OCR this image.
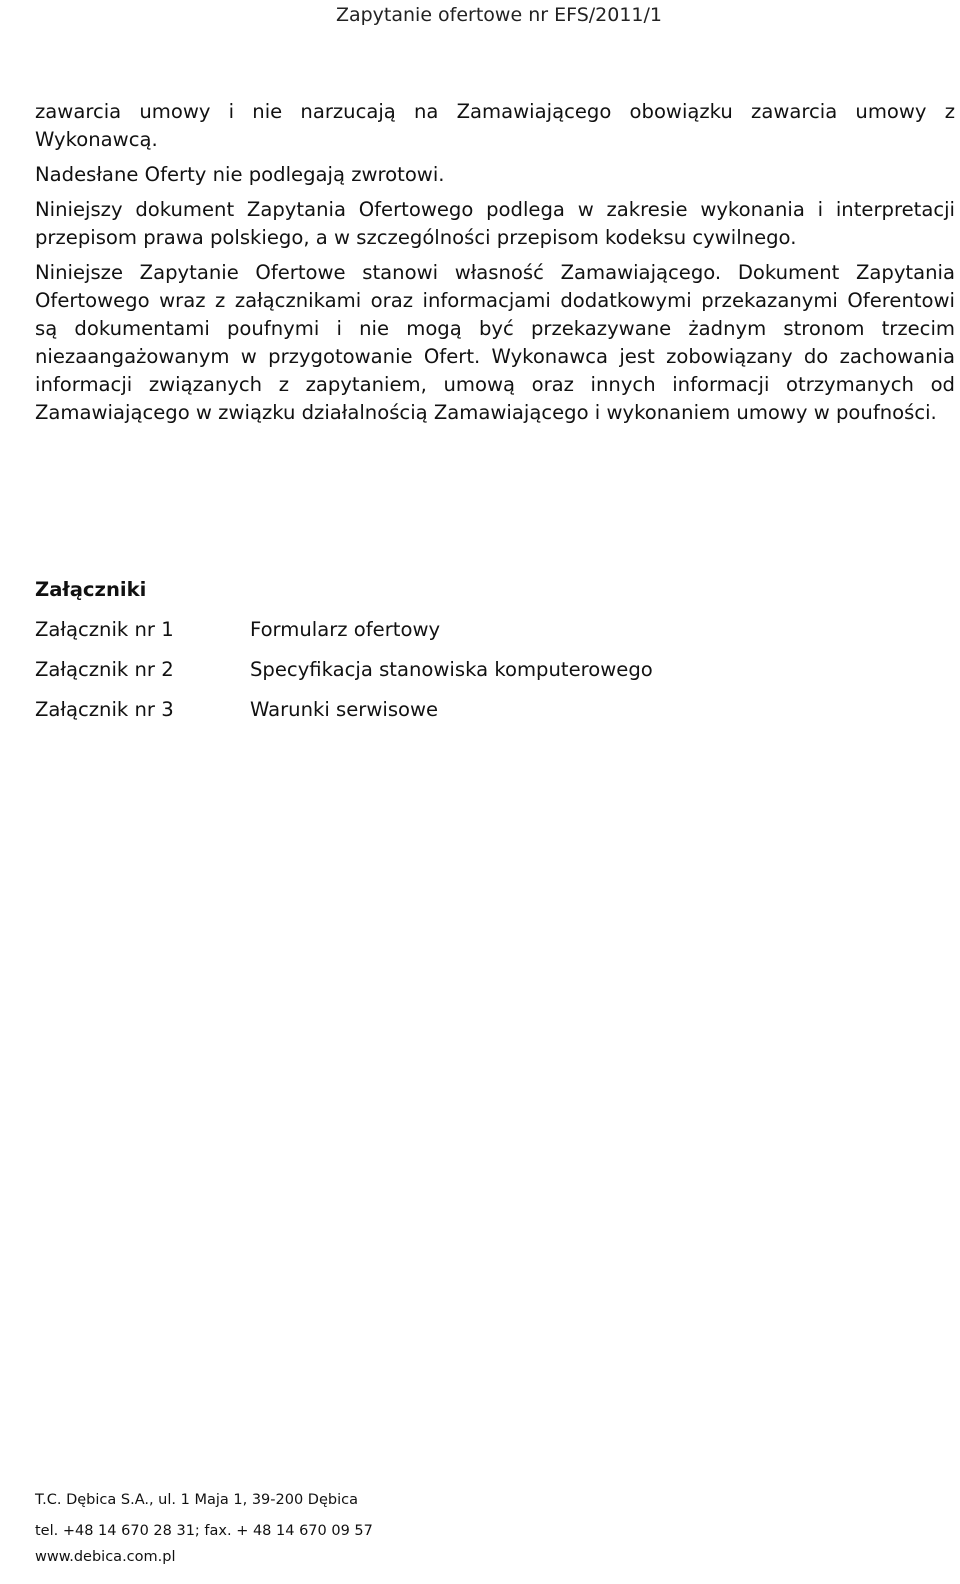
Zapytanie ofertowe nr EFS/2011/1

zawarcia umowy i nie narzucają na Zamawiającego obowiązku zawarcia umowy z Wykonawcą.

Nadesłane Oferty nie podlegają zwrotowi.

Niniejszy dokument Zapytania Ofertowego podlega w zakresie wykonania i interpretacji przepisom prawa polskiego, a w szczególności przepisom kodeksu cywilnego.

Niniejsze Zapytanie Ofertowe stanowi własność Zamawiającego. Dokument Zapytania Ofertowego wraz z załącznikami oraz informacjami dodatkowymi przekazanymi Oferentowi są dokumentami poufnymi i nie mogą być przekazywane żadnym stronom trzecim niezaangażowanym w przygotowanie Ofert. Wykonawca jest zobowiązany do zachowania informacji związanych z zapytaniem, umową oraz innych informacji otrzymanych od Zamawiającego w związku działalnością Zamawiającego i wykonaniem umowy w poufności.

Załączniki
Załącznik nr 1	Formularz ofertowy
Załącznik nr 2	Specyfikacja stanowiska komputerowego
Załącznik nr 3	Warunki serwisowe
T.C. Dębica S.A., ul. 1 Maja 1, 39-200 Dębica
tel. +48 14 670 28 31; fax. + 48 14 670 09 57
www.debica.com.pl
